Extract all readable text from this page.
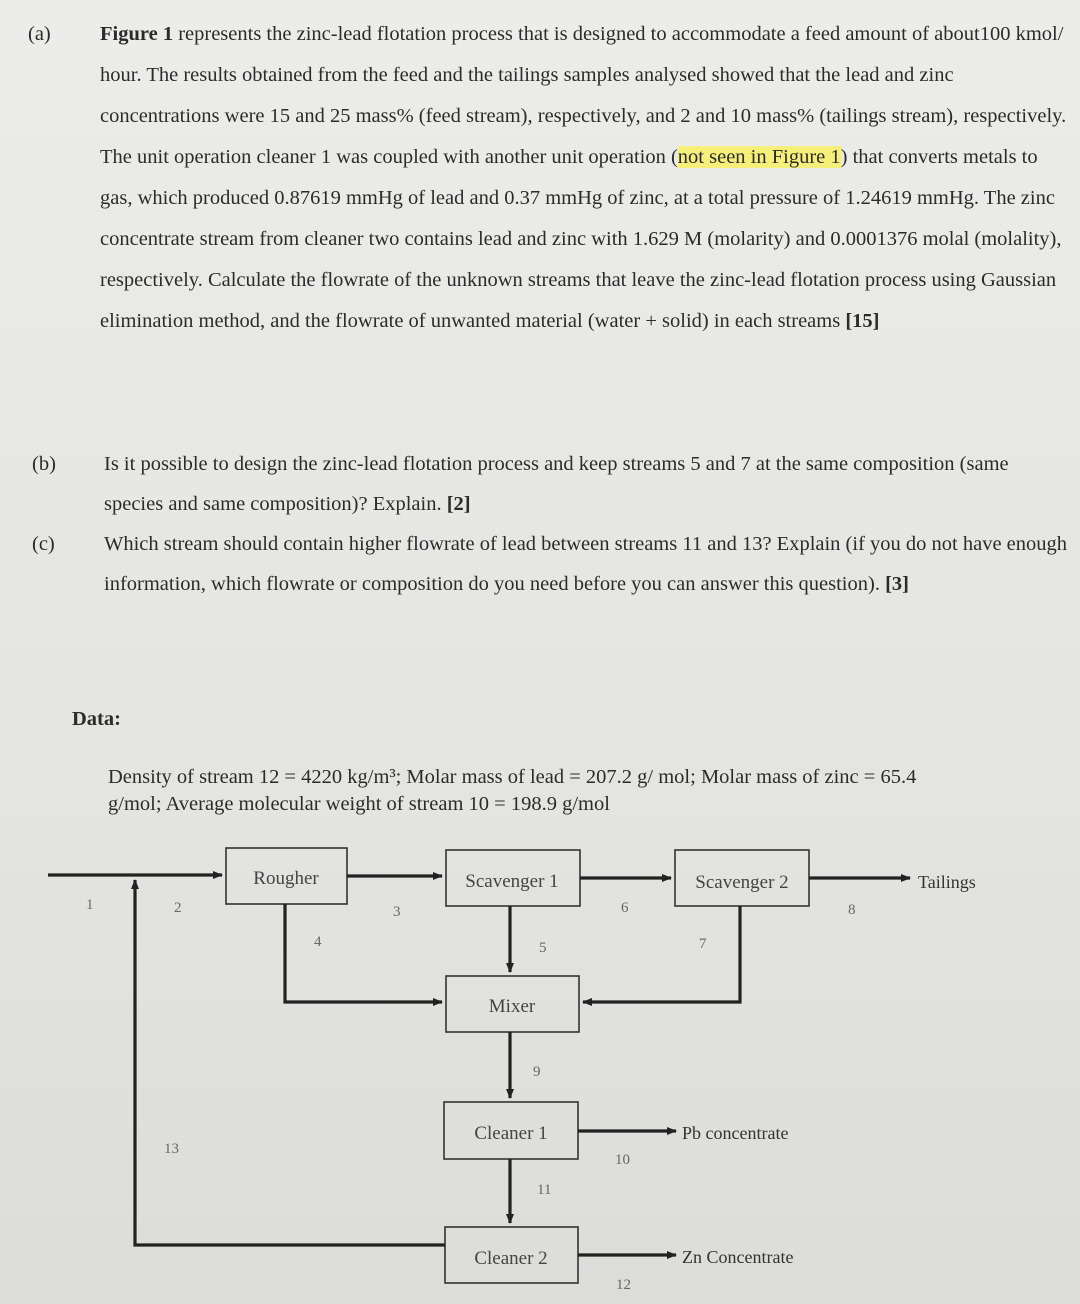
(a) Figure 1 represents the zinc-lead flotation process that is designed to accommodate a feed amount of about100 kmol/ hour. The results obtained from the feed and the tailings samples analysed showed that the lead and zinc concentrations were 15 and 25 mass% (feed stream), respectively, and 2 and 10 mass% (tailings stream), respectively. The unit operation cleaner 1 was coupled with another unit operation (not seen in Figure 1) that converts metals to gas, which produced 0.87619 mmHg of lead and 0.37 mmHg of zinc, at a total pressure of 1.24619 mmHg. The zinc concentrate stream from cleaner two contains lead and zinc with 1.629 M (molarity) and 0.0001376 molal (molality), respectively. Calculate the flowrate of the unknown streams that leave the zinc-lead flotation process using Gaussian elimination method, and the flowrate of unwanted material (water + solid) in each streams [15]
(b) Is it possible to design the zinc-lead flotation process and keep streams 5 and 7 at the same composition (same species and same composition)? Explain. [2]
(c) Which stream should contain higher flowrate of lead between streams 11 and 13? Explain (if you do not have enough information, which flowrate or composition do you need before you can answer this question). [3]
Data:
Density of stream 12 = 4220 kg/m³; Molar mass of lead = 207.2 g/ mol; Molar mass of zinc = 65.4
g/mol; Average molecular weight of stream 10 = 198.9 g/mol
Rougher	Scavenger 1	Scavenger 2
Mixer
Cleaner 1
Cleaner 2
Tailings
Pb concentrate
Zn Concentrate
1	2	3
4	5
6
7
8
9
10
11
12
13
